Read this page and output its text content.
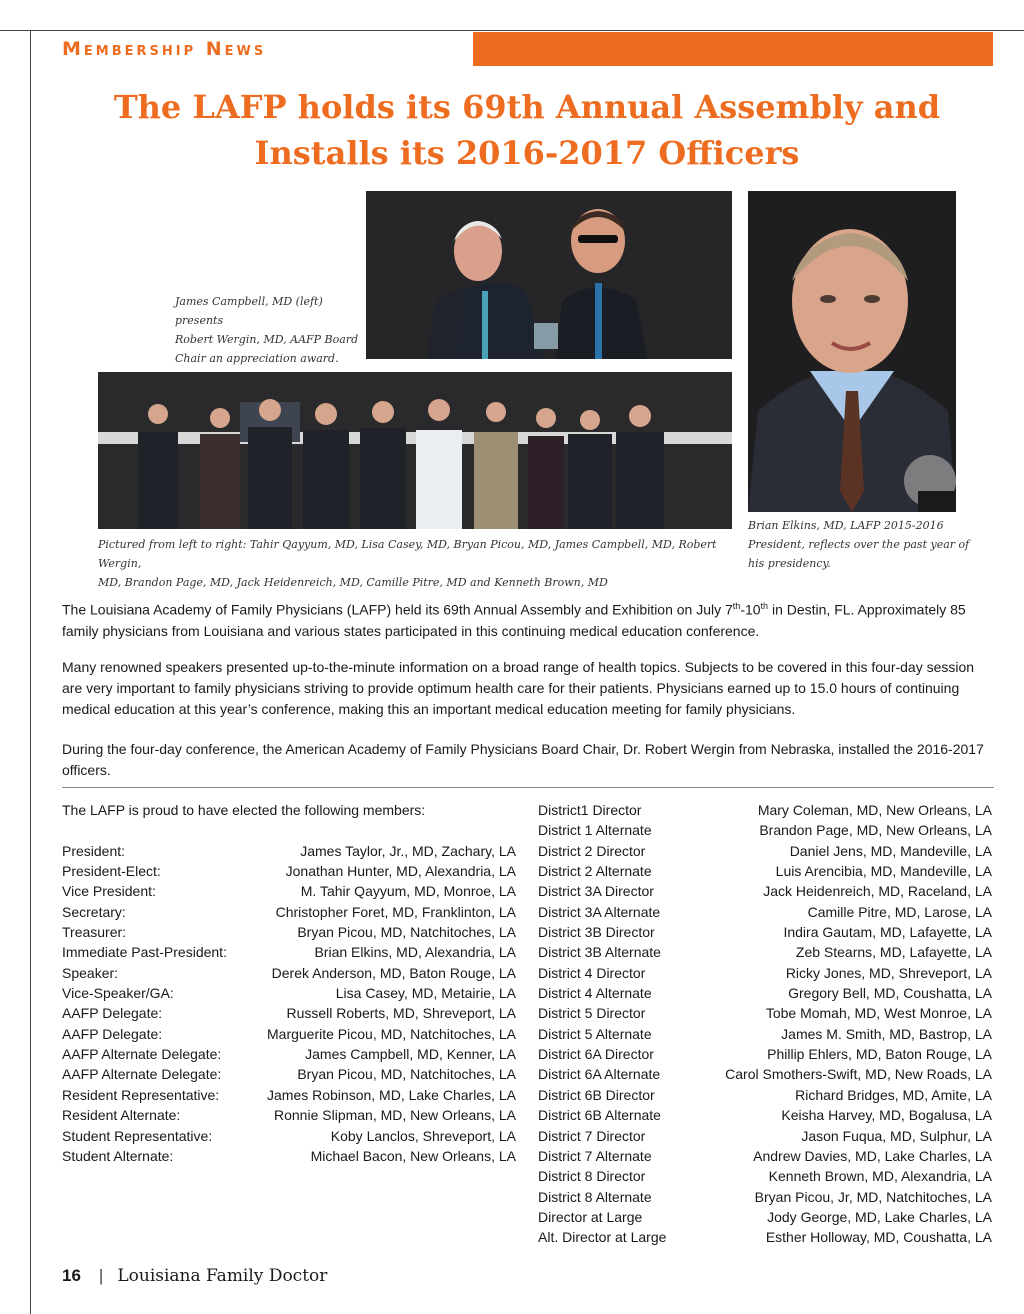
Membership News
The LAFP holds its 69th Annual Assembly and
Installs its 2016-2017 Officers
James Campbell, MD (left) presents
Robert Wergin, MD, AAFP Board
Chair an appreciation award.
Pictured from left to right: Tahir Qayyum, MD, Lisa Casey, MD, Bryan Picou, MD, James Campbell, MD, Robert Wergin,
MD, Brandon Page, MD, Jack Heidenreich, MD, Camille Pitre, MD and Kenneth Brown, MD
Brian Elkins, MD, LAFP 2015-2016
President, reflects over the past year of
his presidency.

The Louisiana Academy of Family Physicians (LAFP) held its 69th Annual Assembly and Exhibition on July 7th-10th in Destin, FL. Approximately 85 family physicians from Louisiana and various states participated in this continuing medical education conference.

Many renowned speakers presented up-to-the-minute information on a broad range of health topics. Subjects to be covered in this four-day session are very important to family physicians striving to provide optimum health care for their patients. Physicians earned up to 15.0 hours of continuing medical education at this year’s conference, making this an important medical education meeting for family physicians.

During the four-day conference, the American Academy of Family Physicians Board Chair, Dr. Robert Wergin from Nebraska, installed the 2016-2017 officers.

The LAFP is proud to have elected the following members:
President:	James Taylor, Jr., MD, Zachary, LA
President-Elect:	Jonathan Hunter, MD, Alexandria, LA
Vice President:	M. Tahir Qayyum, MD, Monroe, LA
Secretary:	Christopher Foret, MD, Franklinton, LA
Treasurer:	Bryan Picou, MD, Natchitoches, LA
Immediate Past-President:	Brian Elkins, MD, Alexandria, LA
Speaker:	Derek Anderson, MD, Baton Rouge, LA
Vice-Speaker/GA:	Lisa Casey, MD, Metairie, LA
AAFP Delegate:	Russell Roberts, MD, Shreveport, LA
AAFP Delegate:	Marguerite Picou, MD, Natchitoches, LA
AAFP Alternate Delegate:	James Campbell, MD, Kenner, LA
AAFP Alternate Delegate:	Bryan Picou, MD, Natchitoches, LA
Resident Representative:	James Robinson, MD, Lake Charles, LA
Resident Alternate:	Ronnie Slipman, MD, New Orleans, LA
Student Representative:	Koby Lanclos, Shreveport, LA
Student Alternate:	Michael Bacon, New Orleans, LA
District1 Director	Mary Coleman, MD, New Orleans, LA
District 1 Alternate	Brandon Page, MD, New Orleans, LA
District 2 Director	Daniel Jens, MD, Mandeville, LA
District 2 Alternate	Luis Arencibia, MD, Mandeville, LA
District 3A Director	Jack Heidenreich, MD, Raceland, LA
District 3A Alternate	Camille Pitre, MD, Larose, LA
District 3B Director	Indira Gautam, MD, Lafayette, LA
District 3B Alternate	Zeb Stearns, MD, Lafayette, LA
District 4 Director	Ricky Jones, MD, Shreveport, LA
District 4 Alternate	Gregory Bell, MD, Coushatta, LA
District 5 Director	Tobe Momah, MD, West Monroe, LA
District 5 Alternate	James M. Smith, MD, Bastrop, LA
District 6A Director	Phillip Ehlers, MD, Baton Rouge, LA
District 6A Alternate	Carol Smothers-Swift, MD, New Roads, LA
District 6B Director	Richard Bridges, MD, Amite, LA
District 6B Alternate	Keisha Harvey, MD, Bogalusa, LA
District 7 Director	Jason Fuqua, MD, Sulphur, LA
District 7 Alternate	Andrew Davies, MD, Lake Charles, LA
District 8 Director	Kenneth Brown, MD, Alexandria, LA
District 8 Alternate	Bryan Picou, Jr, MD, Natchitoches, LA
Director at Large	Jody George, MD, Lake Charles, LA
Alt. Director at Large	Esther Holloway, MD, Coushatta, LA
16 | Louisiana Family Doctor
